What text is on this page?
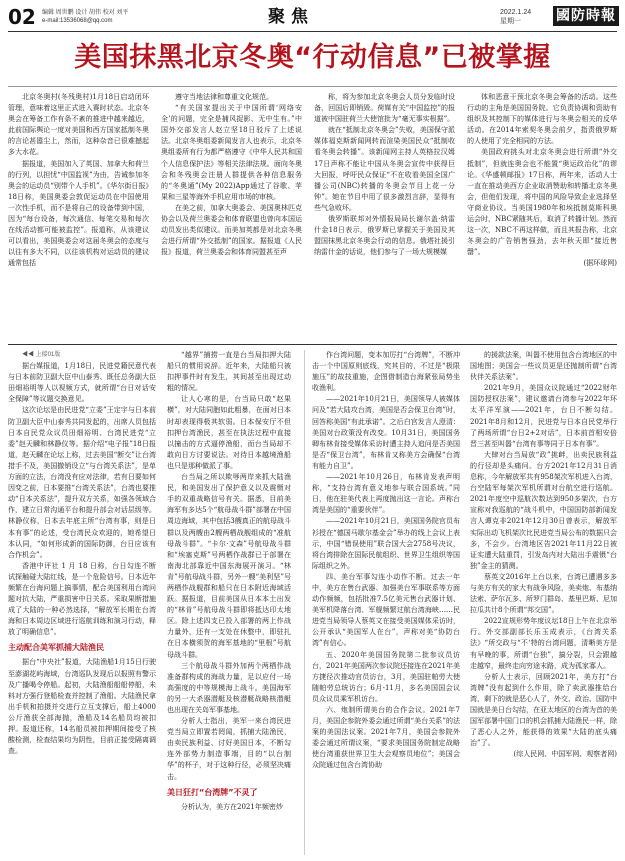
02 编辑 周世鹏 设计 胡伟 校对 刘平
e-mail:13536068@qq.com	聚焦	2022.1.24
星期一	國防時報
美国抹黑北京冬奥“行动信息”已被掌握

北京冬奥村(冬残奥村)1月18日启动闭环管理，意味着这里正式进入赛时状态。北京冬奥会在筹备工作有条不紊的推进中越来越近，此前国际舆论一度对美国和西方国家抵制冬奥的言论甚嚣尘上，然而，这种杂音已很难撼起多大水花。

据报道，美国加入了英国、加拿大和荷兰的行列，以担忧“中国监视”为由，告诫参加冬奥会的运动员“别带个人手机”。《华尔街日报》18日称，美国奥委会敦促运动员在中国使用一次性手机，而不是将自己的设备带到中国，因为“每台设备，每次通信、每笔交易和每次在线活动都可能被监控”。报道称，从该建议可以看出，美国奥委会对这届冬奥会的态度与以往有多大不同，以往该机构对运动员的建议通常包括

遵守当地法律和尊重文化规范。

“有关国家提出关于中国所谓‘网络安全’的问题，完全是捕风捉影、无中生有。”中国外交部发言人赵立坚18日驳斥了上述说法。北京冬奥组委新闻发言人也表示，北京冬奥组委所有行为都严格遵守《中华人民共和国个人信息保护法》等相关法律法规。面向冬奥会和冬残奥会注册人群提供各种信息服务的“冬奥通”(My 2022)App通过了谷歌、苹果和三星等海外手机应用市场的审核。

在美之前，加拿大奥委会、美国奥林匹克协会以及荷兰奥委会和体育联盟也曾向本国运动员发出类似建议。而美加英都是对北京冬奥会进行所谓“外交抵制”的国家。据报道《人民报》报道，荷兰奥委会和体育同盟甚至声

称，将为参加北京冬奥会人员分发临时设备，回国后即销毁。荷媒有关“中国监控”的报道被中国驻荷兰大使馆批为“毫无事实根据”。

就在“抵制北京冬奥会”失败，美国保守派媒体福克斯新闻网转而渲染美国民众“抵制收看冬奥会转播”。该新闻网主持人英格拉汉姆17日声称不能让中国从冬奥会宣传中获得巨大回报，呼吁民众保证“不在收看美国全国广播公司(NBC)转播的冬奥会节目上花一分钟”。她在节目中用了很多激烈言辞，显得有些气急败坏。

俄罗斯联邦对外情报局局长谢尔盖·纳雷什金18日表示，俄罗斯已掌握关于美国及其盟国抹黑北京冬奥会行动的信息。俄塔社援引纳雷什金的话说，他们参与了一场大规模媒

体和恶意干预北京冬奥会筹备的活动。这些行动的主角是美国国务院。它负责协调和资助有组织及其控制下的媒体进行与冬奥会相关的反华活动。在2014年索契冬奥会前夕，指责俄罗斯的人使用了完全相同的方法。

美国政府挑头对北京冬奥会进行所谓“外交抵制”，但就连奥会也不能置“奥运政治化”的谬论。《华盛顿邮报》17日称，两年来，活动人士一直在推动美西方企业取消赞助和转播北京冬奥会，但他们发现，将中国的风险导致企业选择坚守商业协议。当美国1980年和埃抵制莫斯科奥运会时，NBC紧随其后，取消了转播计划。然而这一次，NBC不再这样做，而且其报告称，北京冬奥会的广告销售强劲，去年秋天即“接近售罄”。

(据环球网)

◀◀ 上接01版

据台媒报道，1月18日，民进党籍民意代表与日本前防卫副大臣中山泰秀、既任总务副大臣田畑裕明等人以视频方式，就所谓“台日对话安全保障”等议题交换意见。

这次论坛是由民进党“立委”王定宇与日本前防卫副大臣中山泰秀共同发起的，出席人员包括日本自民党众议员田畑裕明、台湾民进党“立委”赵天麟和林静仪等。据介绍“电子报”18日报道，赵天麟在论坛上称，过去美国“断交”让台湾措手不及，美国撤销设立“与台湾关系法”，是单方面的立法，台湾没有应对法律，若有日要如何因变之前，日本要推“台湾关系法”，台湾也要推动“日本关系法”，提升双方关系，如强各领域合作，建立日常沟通平台和提升部会对话层级等。林静仪称，日本去年底主所“台湾有事，则是日本有事”的论述，受台湾民众欢迎的，她希望日本认同，“如何形成新的国际防御，台日应该有合作机会”。

香港中评社 1 月 18 日称，台日勾连不断试探触碰大陆红线，是一个危险信号。日本近年频繁在台海问题上搞事情，配合美国利用台湾问题对抗大陆，严重损害中日关系。采取果断措施成了大陆的一种必然选择，“解放军长期在台湾海和日本周边区域进行巡航训练和演习行动，释放了明确信息”。

主动配合美军抓捕大陆渔民

据台“中央社”报道，大陆渔船1月15日行驶至澎湖花屿海域，台湾巡队发现后以报照有警示及广播喝令停船。起初，大陆渔船船船停船，未料对方强行登船检查并控制了渔船。大陆渔民拿出手机和拍摄并交进行立互支撑后，船上4000公斤渔获全部海抛，渔船及14名船员均被扣押。报道还称，14名船员被扣押期间接受了核酸检测，检查结果均为阴性，目前正接受隔离调查。

“越界”捕捞一直是台当局扣押大陆船只的惯用说辞。近年来，大陆船只被扣押事件时有发生，其间甚至出现过动粗的情况。

让人心寒的是，台当局只敢“赵果横”，对大陆同胞如此粗暴，在面对日本时却表现得极其软弱。日本保安厅不但扣押台湾渔民，甚至在执法过程中直接以撞击的方式逼停渔船，而台当局却不敢向日方讨要说法。对待日本越境渔船也只是那种做派了事。

台当局之所以欺辱两岸来抓大陆渔民，和美国发出了保护意义以及震慑对手的双重战略信号有关。据悉，目前美海军有多达5个“航母战斗群”部署在中国周边海域，其中包括3艘真正的航母战斗群以及两艘由2艘两栖战舰组成的“准航母战斗群”。“卡尔·文森”号航母战斗群和“埃塞克斯”号两栖作战群已于部署在南海北部靠近中国东海展开演习。“林肯”号航母战斗群，另外一艘“美利坚”号两栖作战舰群和船只在日本附近海域活跃。据报道，目前美国从日本本土出发的“林肯”号航母战斗群即将抵达印太地区。除上述四支已投入部署的两上作战力量外，还有一支处在休整中，即驻扎在日本横须贺的海军基地的“里根”号航母战斗群。

三个航母战斗群外加两个两栖作战准备群构成的海战力量，足以应付一场高强度的中等规模海上战斗。美国海军的另一大杀器潜艇及核潜艇战略核潜艇也出现在关岛军事基地。

分析人士指出，美军一来台湾民进党当局立即置若罔闻，抓捕大陆渔民，由卖民族利益、讨好美国日本，不断勾连外部势力制造事端，目的“以台制华”的杯子，对于这种行径，必须坚决痛击。

美日狂打“台湾牌”不灵了

分析认为，美方在2021年频密炒

作台湾问题，变本加厉打“台湾牌”，不断冲击一个中国原则底线，究其目的，不过是“极限施压”的故技重施，企图借制造台海紧张局势坐收渔利。

——2021年10月21日，美国领导人被媒体问及“若大陆攻台湾，美国是否会保卫台湾”时，回答称美国“有此承诺”。之后白宫发言人澄清：美国对台政策没有改变。10月31日，美国国务卿布林肯接受媒体采访时遭主持人追问是否美国是否“保卫台湾”，布林肯又称美方会确保“台湾有能力自卫”。

——2021年10月26日，布林肯发表声明称，“支持台湾有意义地参与联合国系统。”同日，他在驻美代表上再度抛出这一言论。声称台湾是美国的“重要伙伴”。

——2021年10月21日，美国国务院官员布衫授在“德国马歇尔基金会”举办的线上会议上表示，中国“错误使用”联合国大会2758号决议，将台湾排除在国际民航组织、世界卫生组织等国际组织之外。

四、美台军事勾连小动作不断。过去一年中，美方在售台武器、加强美台军事联系等方面动作频频，包括批准7.5亿美元售台武器计划、美军机降落台湾、军舰频繁过航台湾海峡……民进党当局领导人蔡英文在接受美国媒体采访时，公开承认“美国军人在台”，声称对美“协防台湾”有信心。

五、2020年美国国务院第二批参议员访台，2021年美国两次参议院还接连在2021年美方捷径次推动官员访台，3月，美国驻帕劳大使随帕劳总统访台；6月-11月，多名美国国会议员众议员乘军机访台。

六、炮制所谓美台的合作会议。2021年7月，美国企参院外委会通过所谓“美台关系”的法案的美国法议案。2021年7月，美国会参院外委会通过所谓议案，“要求美国国务院制定战略使台湾重获世界卫生大会观察员地位”；美国会众院通过包含台湾协助

的援款法案，叫嚣不使用包含台湾地区的中国地图；美国会一些议员更是还抛制所谓“台湾伙伴关系法案”。

2021年9月，美国众议院通过“2022财年国防授权法案”，建议邀请台湾参与2022年环太平洋军演——2021年，台日不断勾结。2021年8月和12月，民进党与日本自民党举行了两场所谓“台日2+2对话”，日本前首相安倍晋三甚至叫嚣“台湾有事等同于日本有事”。

大肆对台当局放“政”挑衅，出卖民族利益的行径却是头痛问。台方2021年12月31日消息称，今年解放军共有958架次军机进入台湾，台空陆军每架次军机所谓对台航空进行巡航。2021年度空中巡航次数达到950多架次，台方宣称对我巡航的“战斗机中，中国国防部新闻发言人谭克非2021年12月30日曾表示，解放军实际出动飞机架次比民进党当局公布的数据只会多，不会少。台湾地区告2021年11月22日被证实遭大陆重罚，引发岛内对大陆出手震慑“台独”金主的猜测。

蔡英文2016年上台以来，台湾已遭遇多多与美方有关的家大有战争风险，美卖炮、布基纳法索、萨尔瓦多、所罗门群岛、基里巴斯、尼加拉瓜共计8个所谓“邦交国”。

2022宣规形势年度议坛18日上午在北京举行。外交部副部长乐玉成表示，《台湾关系法》“所交政与“不‘特的台湾问题，清晰美方是有早晚的事，所谓“台独”，搞分裂，只会跟越走越窄，最终走向穷途末路，成为孤家寡人。

分析人士表示，回顾2021年，美方打“台湾牌”没有起到什么作用，除了卖武器推给台湾，剩下的就是恶心人了，外交、政治、国防中国就是美日台勾结，在亚太地区的台湾为首的美国军部署中国门口的机会抓捕大陆渔民一样，除了恶心人之外，能获得的效果“大陆的底头痛治”了。

(综人民网、中国军网、观察者网)
